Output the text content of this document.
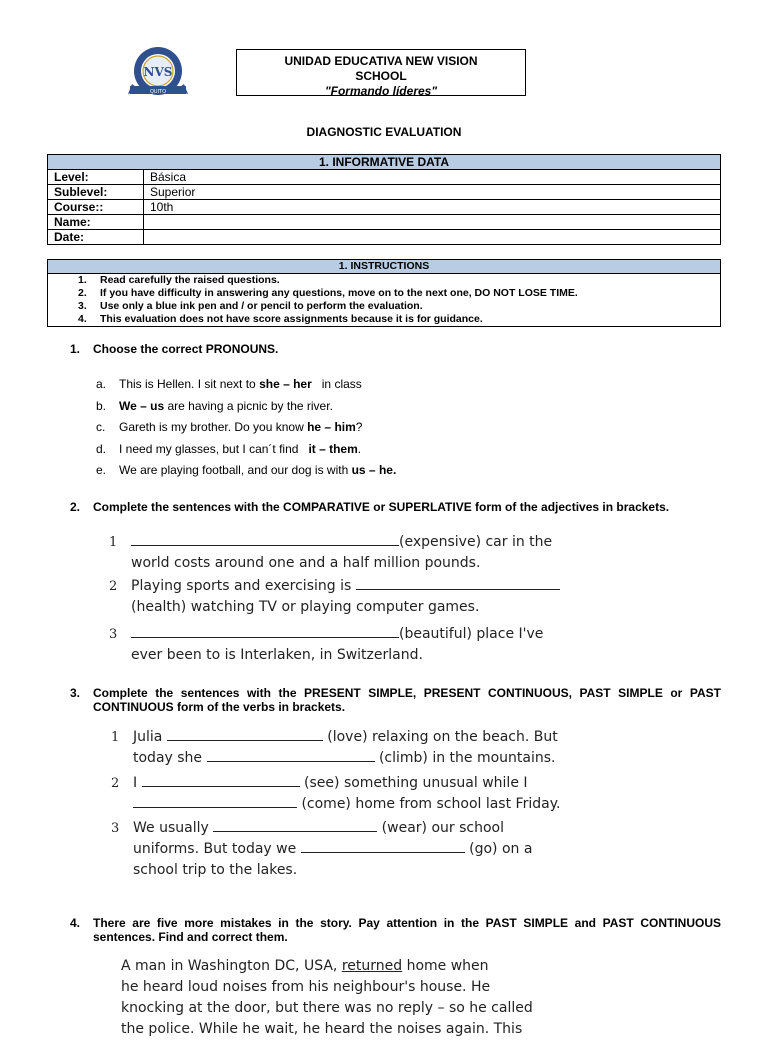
NVS
QUITO
UNIDAD EDUCATIVA NEW VISION
SCHOOL
"Formando líderes"
DIAGNOSTIC EVALUATION
1. INFORMATIVE DATA	
Level:	Básica
Sublevel:	Superior
Course::	10th
Name:	
Date:	
1. INSTRUCTIONS
1. Read carefully the raised questions.
2. If you have difficulty in answering any questions, move on to the next one, DO NOT LOSE TIME.
3. Use only a blue ink pen and / or pencil to perform the evaluation.
4. This evaluation does not have score assignments because it is for guidance.
1.	Choose the correct PRONOUNS.
a. This is Hellen. I sit next to she – her   in class
b. We – us are having a picnic by the river.
c. Gareth is my brother. Do you know he – him?
d. I need my glasses, but I can´t find   it – them.
e. We are playing football, and our dog is with us – he.
2.	Complete the sentences with the COMPARATIVE or SUPERLATIVE form of the adjectives in brackets.
1	(expensive) car in the
world costs around one and a half million pounds.
2 Playing sports and exercising is
(health) watching TV or playing computer games.
3	(beautiful) place I've
ever been to is Interlaken, in Switzerland.
3.	Complete the sentences with the PRESENT SIMPLE, PRESENT CONTINUOUS, PAST SIMPLE or PAST CONTINUOUS form of the verbs in brackets.
1 Julia	(love) relaxing on the beach. But
today she	(climb) in the mountains.
2 I	(see) something unusual while I
(come) home from school last Friday.
3 We usually	(wear) our school
uniforms. But today we	(go) on a
school trip to the lakes.
4.	There are five more mistakes in the story. Pay attention in the PAST SIMPLE and PAST CONTINUOUS sentences. Find and correct them.
A man in Washington DC, USA, returned home when
he heard loud noises from his neighbour's house. He
knocking at the door, but there was no reply – so he called
the police. While he wait, he heard the noises again. This
